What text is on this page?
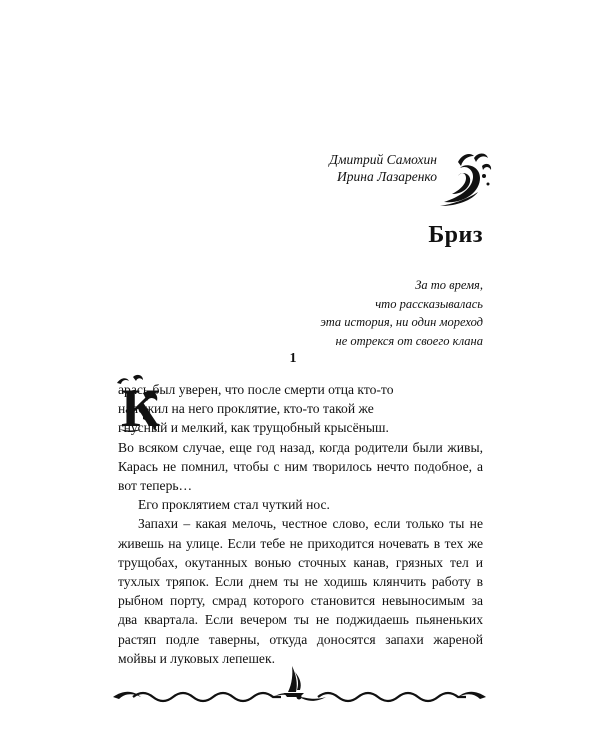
Дмитрий Самохин
Ирина Лазаренко
Бриз
За то время,
что рассказывалась
эта история, ни один мореход
не отрекся от своего клана
1
К

арась был уверен, что после смерти отца кто-то

наложил на него проклятие, кто-то такой же

гнусный и мелкий, как трущобный крысёныш.

Во всяком случае, еще год назад, когда родители были живы, Карась не помнил, чтобы с ним творилось нечто подобное, а вот теперь…

Его проклятием стал чуткий нос.

Запахи – какая мелочь, честное слово, если только ты не живешь на улице. Если тебе не приходится ночевать в тех же трущобах, окутанных вонью сточных канав, грязных тел и тухлых тряпок. Если днем ты не ходишь клянчить работу в рыбном порту, смрад которого становится невыносимым за два квартала. Если вечером ты не поджидаешь пьяненьких растяп подле таверны, откуда доносятся запахи жареной мойвы и луковых лепешек.
